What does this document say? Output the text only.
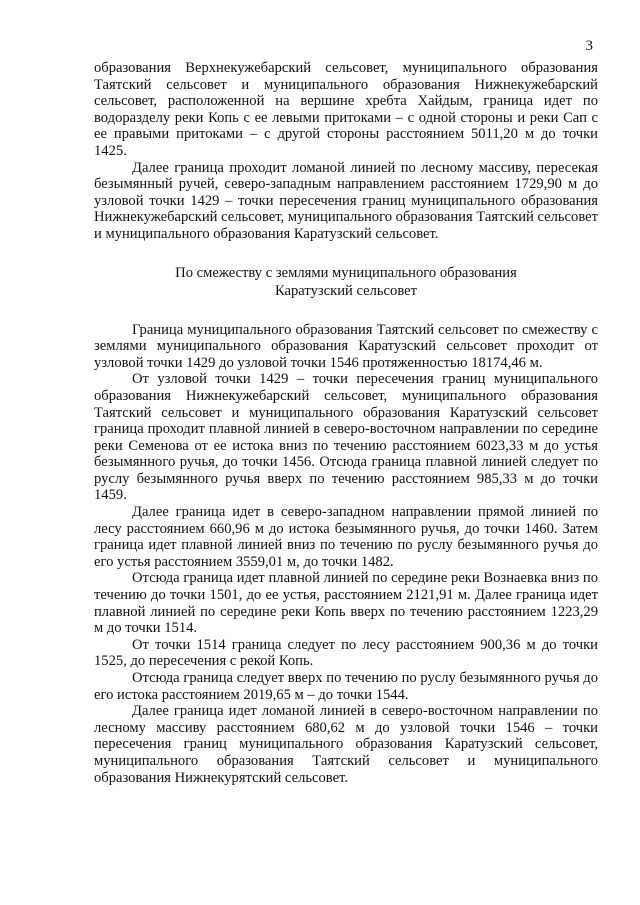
3

образования Верхнекужебарский сельсовет, муниципального образования Таятский сельсовет и муниципального образования Нижнекужебарский сельсовет, расположенной на вершине хребта Хайдым, граница идет по водоразделу реки Копь с ее левыми притоками – с одной стороны и реки Сап с ее правыми притоками – с другой стороны расстоянием 5011,20 м до точки 1425.

Далее граница проходит ломаной линией по лесному массиву, пересекая безымянный ручей, северо-западным направлением расстоянием 1729,90 м до узловой точки 1429 – точки пересечения границ муниципального образования Нижнекужебарский сельсовет, муниципального образования Таятский сельсовет и муниципального образования Каратузский сельсовет.

По смежеству с землями муниципального образования
Каратузский сельсовет

Граница муниципального образования Таятский сельсовет по смежеству с землями муниципального образования Каратузский сельсовет проходит от узловой точки 1429 до узловой точки 1546 протяженностью 18174,46 м.

От узловой точки 1429 – точки пересечения границ муниципального образования Нижнекужебарский сельсовет, муниципального образования Таятский сельсовет и муниципального образования Каратузский сельсовет граница проходит плавной линией в северо-восточном направлении по середине реки Семенова от ее истока вниз по течению расстоянием 6023,33 м до устья безымянного ручья, до точки 1456. Отсюда граница плавной линией следует по руслу безымянного ручья вверх по течению расстоянием 985,33 м до точки 1459.

Далее граница идет в северо-западном направлении прямой линией по лесу расстоянием 660,96 м до истока безымянного ручья, до точки 1460. Затем граница идет плавной линией вниз по течению по руслу безымянного ручья до его устья расстоянием 3559,01 м, до точки 1482.

Отсюда граница идет плавной линией по середине реки Вознаевка вниз по течению до точки 1501, до ее устья, расстоянием 2121,91 м. Далее граница идет плавной линией по середине реки Копь вверх по течению расстоянием 1223,29 м до точки 1514.

От точки 1514 граница следует по лесу расстоянием 900,36 м до точки 1525, до пересечения с рекой Копь.

Отсюда граница следует вверх по течению по руслу безымянного ручья до его истока расстоянием 2019,65 м – до точки 1544.

Далее граница идет ломаной линией в северо-восточном направлении по лесному массиву расстоянием 680,62 м до узловой точки 1546 – точки пересечения границ муниципального образования Каратузский сельсовет, муниципального образования Таятский сельсовет и муниципального образования Нижнекурятский сельсовет.
